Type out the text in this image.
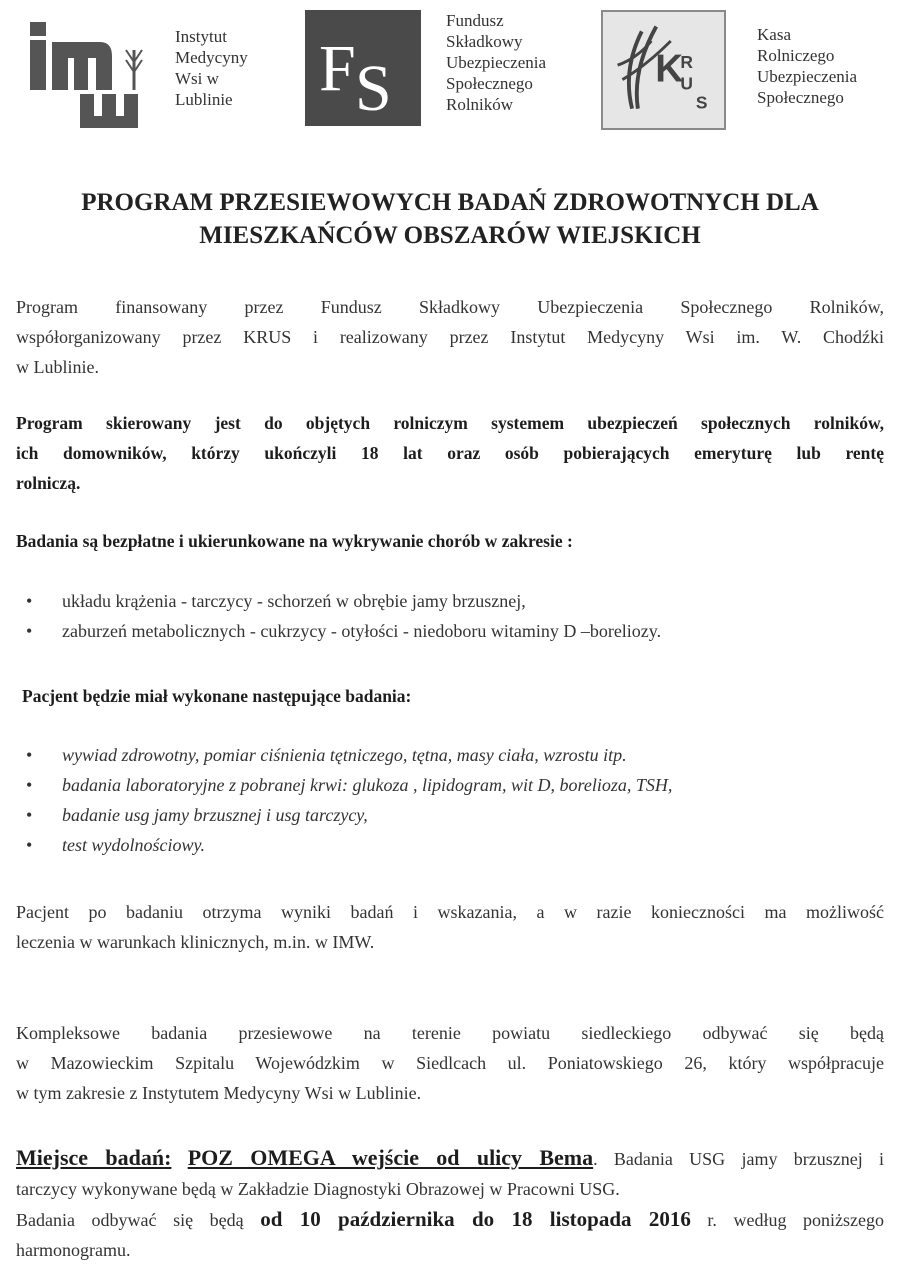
Instytut
Medycyny
Wsi w
Lublinie F S
Fundusz
Składkowy
Ubezpieczenia
Społecznego
Rolników
K
R
U
S
Kasa
Rolniczego
Ubezpieczenia
Społecznego
PROGRAM PRZESIEWOWYCH BADAŃ ZDROWOTNYCH DLA
MIESZKAŃCÓW OBSZARÓW WIEJSKICH
Program finansowany przez Fundusz Składkowy Ubezpieczenia Społecznego Rolników,
współorganizowany przez KRUS i realizowany przez Instytut Medycyny Wsi im. W. Chodźki
w Lublinie.
Program skierowany jest do objętych rolniczym systemem ubezpieczeń społecznych rolników,
ich domowników, którzy ukończyli 18 lat oraz osób pobierających emeryturę lub rentę
rolniczą.
Badania są bezpłatne i ukierunkowane na wykrywanie chorób w zakresie :
• układu krążenia - tarczycy - schorzeń w obrębie jamy brzusznej,
• zaburzeń metabolicznych - cukrzycy - otyłości - niedoboru witaminy D –boreliozy.
Pacjent będzie miał wykonane następujące badania:
• wywiad zdrowotny, pomiar ciśnienia tętniczego, tętna, masy ciała, wzrostu itp.
• badania laboratoryjne z pobranej krwi: glukoza , lipidogram, wit D, borelioza, TSH,
• badanie usg jamy brzusznej i usg tarczycy,
• test wydolnościowy.
Pacjent po badaniu otrzyma wyniki badań i wskazania, a w razie konieczności ma możliwość
leczenia w warunkach klinicznych, m.in. w IMW.
Kompleksowe badania przesiewowe na terenie powiatu siedleckiego odbywać się będą
w Mazowieckim Szpitalu Wojewódzkim w Siedlcach ul. Poniatowskiego 26, który współpracuje
w tym zakresie z Instytutem Medycyny Wsi w Lublinie.
Miejsce badań: POZ OMEGA wejście od ulicy Bema. Badania USG jamy brzusznej i
tarczycy wykonywane będą w Zakładzie Diagnostyki Obrazowej w Pracowni USG.
Badania odbywać się będą od 10 października do 18 listopada 2016 r. według poniższego
harmonogramu.
